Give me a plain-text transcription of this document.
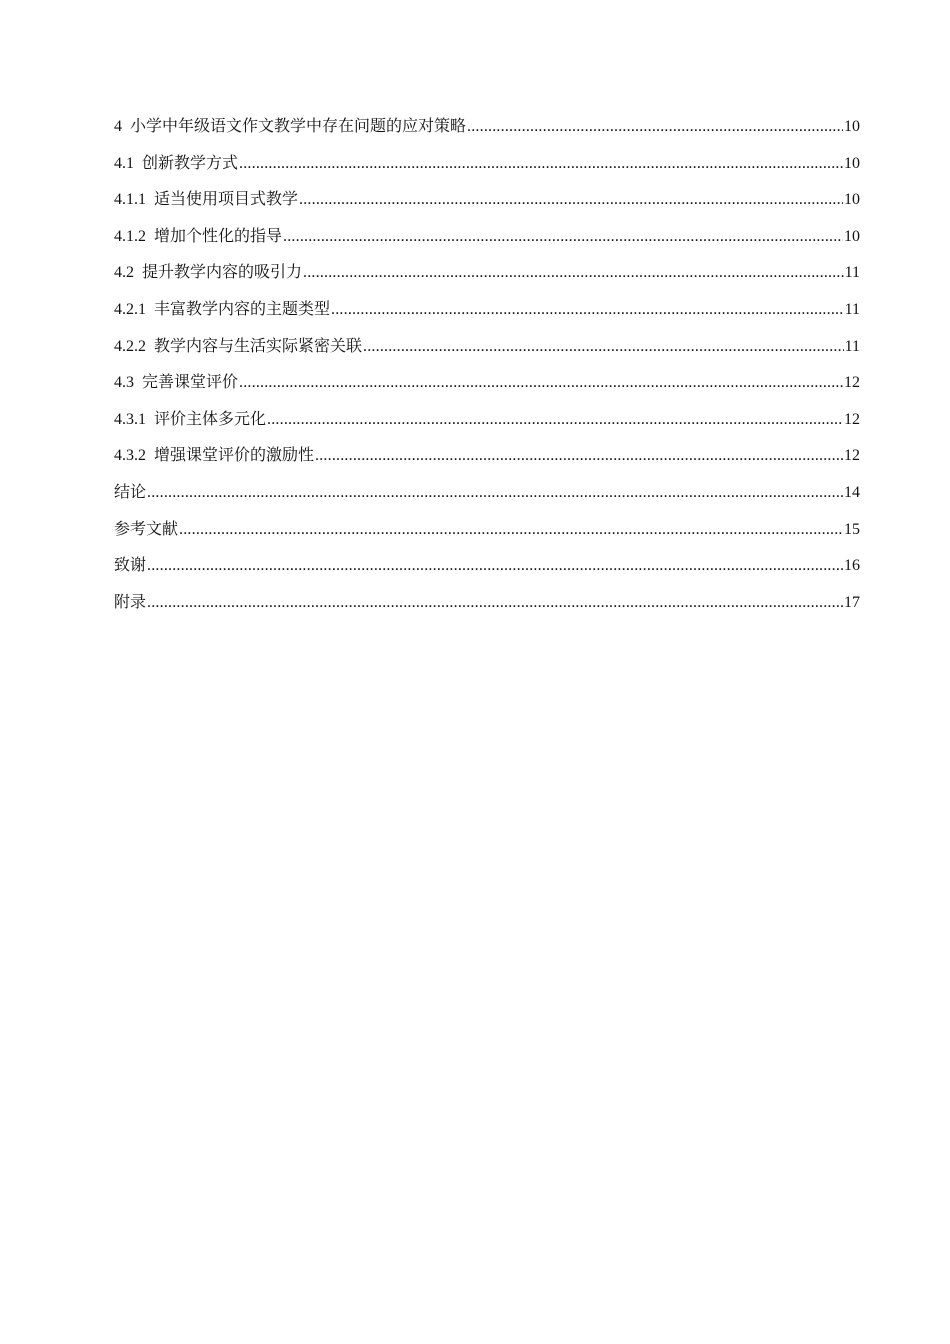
4 小学中年级语文作文教学中存在问题的应对策略 .....	10
4.1 创新教学方式 .....	10
4.1.1 适当使用项目式教学 .....	10
4.1.2 增加个性化的指导 .....	10
4.2 提升教学内容的吸引力 .....	11
4.2.1 丰富教学内容的主题类型 .....	11
4.2.2 教学内容与生活实际紧密关联 .....	11
4.3 完善课堂评价 .....	12
4.3.1 评价主体多元化 .....	12
4.3.2 增强课堂评价的激励性 .....	12
结论 .....	14
参考文献 .....	15
致谢 .....	16
附录 .....	17
